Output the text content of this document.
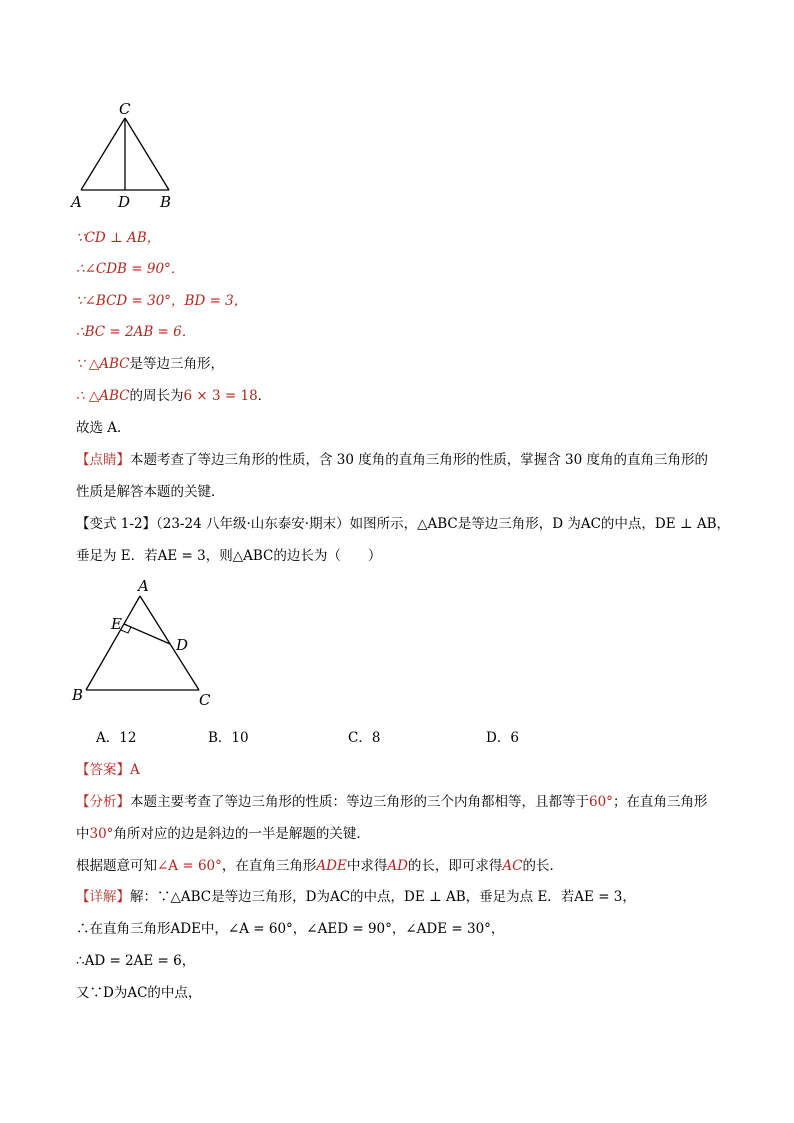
C
A D B
∵CD ⊥ AB，
∴∠CDB = 90°．
∵∠BCD = 30°，BD = 3，
∴BC = 2AB = 6．
∵ △ABC是等边三角形，
∴ △ABC的周长为6 × 3 = 18．
故选 A．
【点睛】本题考查了等边三角形的性质，含 30 度角的直角三角形的性质，掌握含 30 度角的直角三角形的
性质是解答本题的关键．
【变式 1-2】（23-24 八年级·山东泰安·期末）如图所示，△ABC是等边三角形，D 为AC的中点，DE ⊥ AB，
垂足为 E．若AE = 3，则△ABC的边长为（　　）
A
E
D
B	C
A．12	B．10	C．8	D．6
【答案】A
【分析】本题主要考查了等边三角形的性质：等边三角形的三个内角都相等，且都等于60°；在直角三角形
中30°角所对应的边是斜边的一半是解题的关键．
根据题意可知∠A = 60°，在直角三角形ADE中求得AD的长，即可求得AC的长．
【详解】解：∵△ABC是等边三角形，D为AC的中点，DE ⊥ AB，垂足为点 E．若AE = 3，
∴在直角三角形ADE中，∠A = 60°，∠AED = 90°，∠ADE = 30°，
∴AD = 2AE = 6，
又∵D为AC的中点，
